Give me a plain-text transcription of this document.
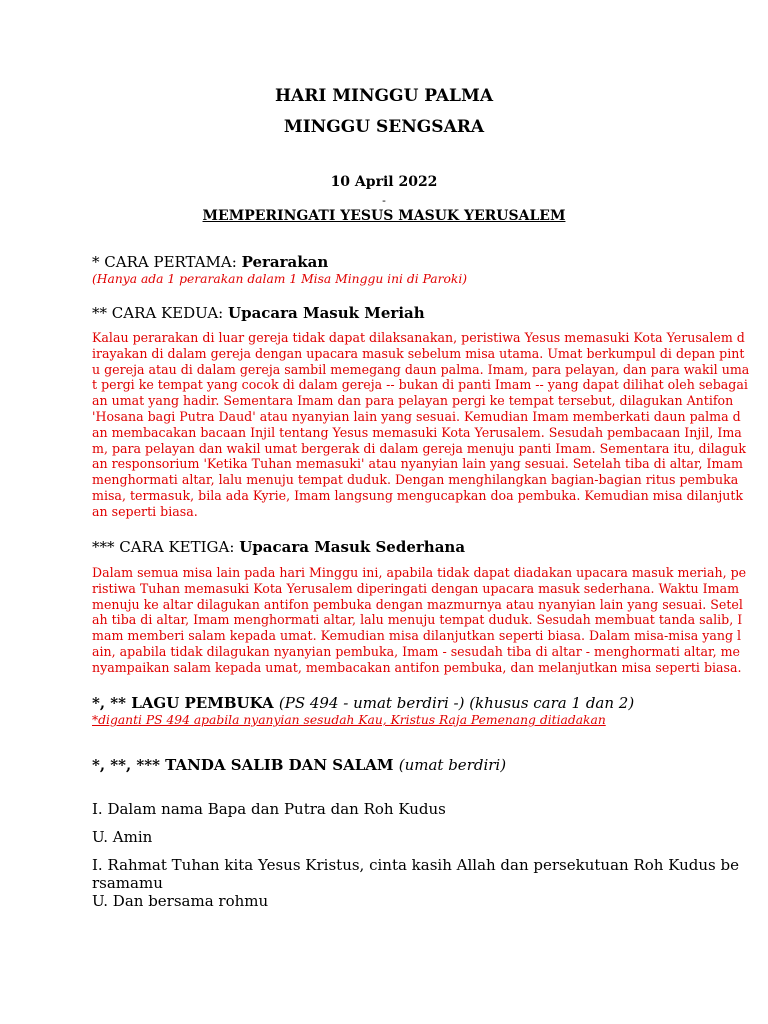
HARI MINGGU PALMA
MINGGU SENGSARA
10 April 2022
-
MEMPERINGATI YESUS MASUK YERUSALEM
* CARA PERTAMA: Perarakan
(Hanya ada 1 perarakan dalam 1 Misa Minggu ini di Paroki)
** CARA KEDUA: Upacara Masuk Meriah
Kalau perarakan di luar gereja tidak dapat dilaksanakan, peristiwa Yesus memasuki Kota Yerusalem d
irayakan di dalam gereja dengan upacara masuk sebelum misa utama. Umat berkumpul di depan pint
u gereja atau di dalam gereja sambil memegang daun palma. Imam, para pelayan, dan para wakil uma
t pergi ke tempat yang cocok di dalam gereja -- bukan di panti Imam -- yang dapat dilihat oleh sebagai
an umat yang hadir. Sementara Imam dan para pelayan pergi ke tempat tersebut, dilagukan Antifon
'Hosana bagi Putra Daud' atau nyanyian lain yang sesuai. Kemudian Imam memberkati daun palma d
an membacakan bacaan Injil tentang Yesus memasuki Kota Yerusalem. Sesudah pembacaan Injil, Ima
m, para pelayan dan wakil umat bergerak di dalam gereja menuju panti Imam. Sementara itu, dilaguk
an responsorium 'Ketika Tuhan memasuki' atau nyanyian lain yang sesuai. Setelah tiba di altar, Imam
menghormati altar, lalu menuju tempat duduk. Dengan menghilangkan bagian-bagian ritus pembuka
misa, termasuk, bila ada Kyrie, Imam langsung mengucapkan doa pembuka. Kemudian misa dilanjutk
an seperti biasa.
*** CARA KETIGA: Upacara Masuk Sederhana
Dalam semua misa lain pada hari Minggu ini, apabila tidak dapat diadakan upacara masuk meriah, pe
ristiwa Tuhan memasuki Kota Yerusalem diperingati dengan upacara masuk sederhana. Waktu Imam
menuju ke altar dilagukan antifon pembuka dengan mazmurnya atau nyanyian lain yang sesuai. Setel
ah tiba di altar, Imam menghormati altar, lalu menuju tempat duduk. Sesudah membuat tanda salib, I
mam memberi salam kepada umat. Kemudian misa dilanjutkan seperti biasa. Dalam misa-misa yang l
ain, apabila tidak dilagukan nyanyian pembuka, Imam - sesudah tiba di altar - menghormati altar, me
nyampaikan salam kepada umat, membacakan antifon pembuka, dan melanjutkan misa seperti biasa.
*, ** LAGU PEMBUKA (PS 494 - umat berdiri -) (khusus cara 1 dan 2)
*diganti PS 494 apabila nyanyian sesudah Kau, Kristus Raja Pemenang ditiadakan
*, **, *** TANDA SALIB DAN SALAM (umat berdiri)
I. Dalam nama Bapa dan Putra dan Roh Kudus
U. Amin
I. Rahmat Tuhan kita Yesus Kristus, cinta kasih Allah dan persekutuan Roh Kudus be
rsamamu
U. Dan bersama rohmu
